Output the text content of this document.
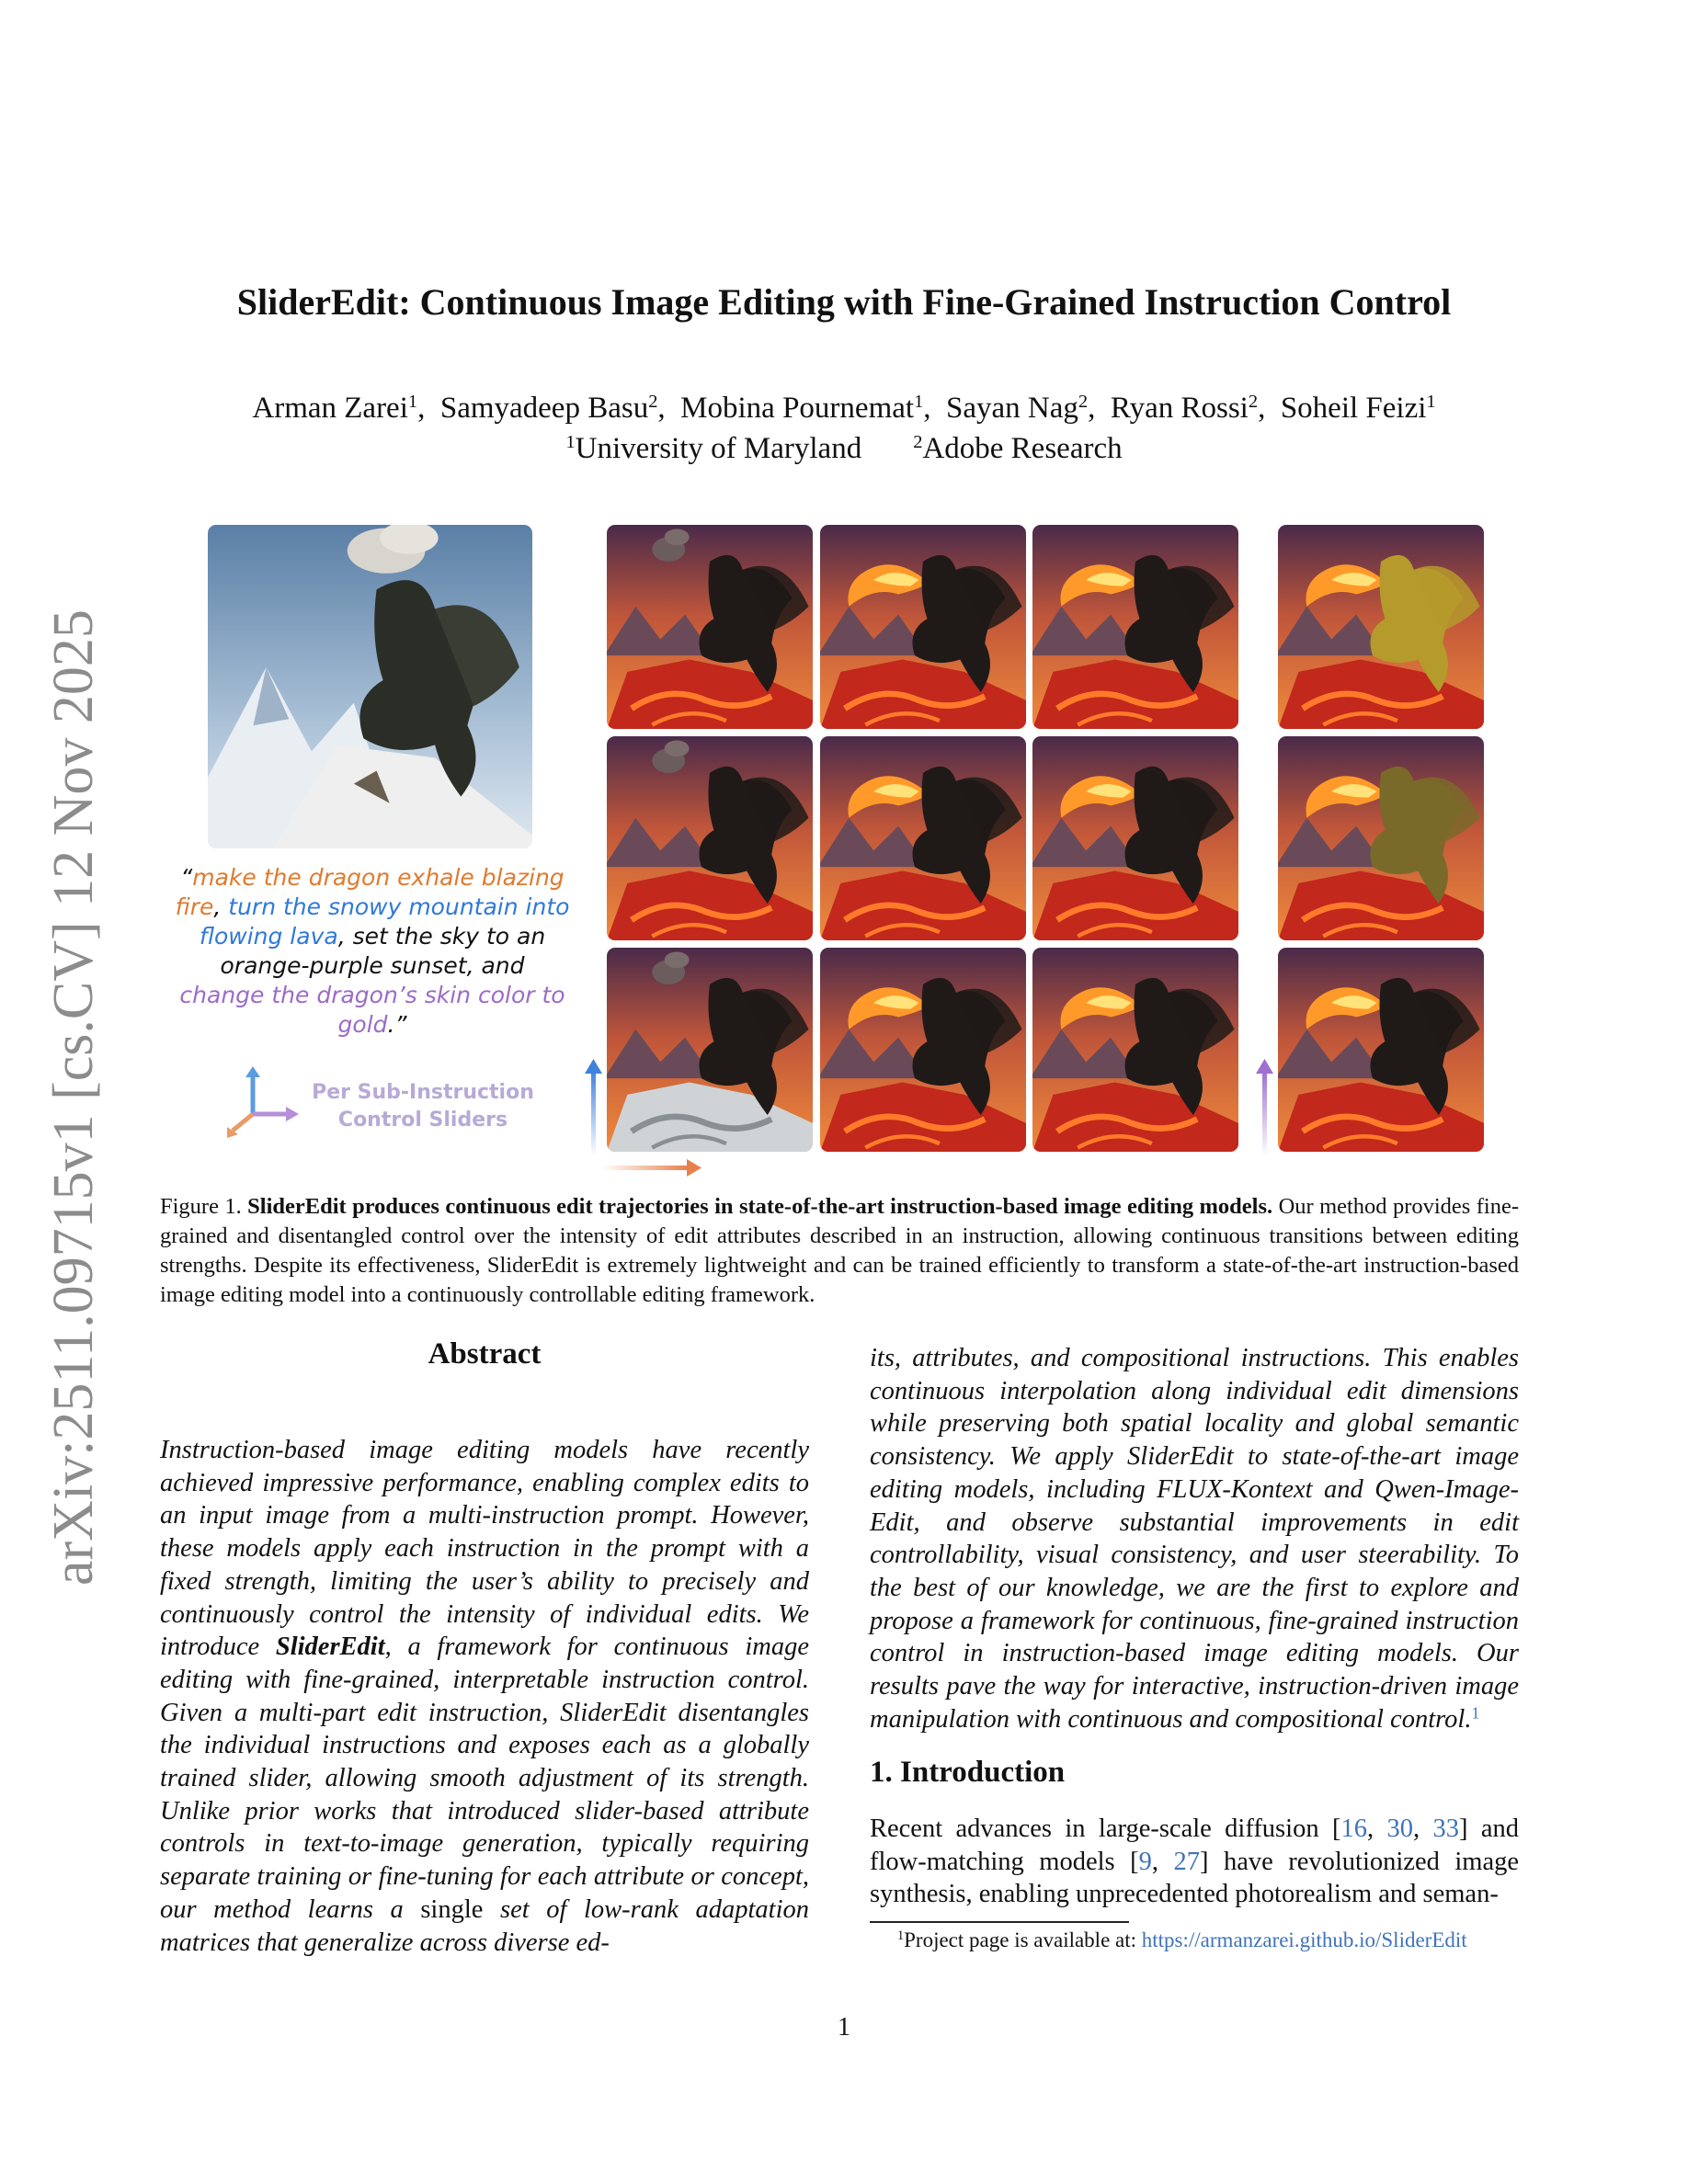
arXiv:2511.09715v1 [cs.CV] 12 Nov 2025
SliderEdit: Continuous Image Editing with Fine-Grained Instruction Control
Arman Zarei$^1$,  Samyadeep Basu$^2$,  Mobina Pournemat$^1$,  Sayan Nag$^2$,  Ryan Rossi$^2$,  Soheil Feizi$^1$
$^1$University of Maryland	$^2$Adobe Research
“make the dragon exhale blazing fire, turn the snowy mountain into flowing lava, set the sky to an orange-purple sunset, and change the dragon’s skin color to gold.”
Per Sub-Instruction
Control Sliders
Figure 1. SliderEdit produces continuous edit trajectories in state-of-the-art instruction-based image editing models. Our method provides fine-grained and disentangled control over the intensity of edit attributes described in an instruction, allowing continuous transitions between editing strengths. Despite its effectiveness, SliderEdit is extremely lightweight and can be trained efficiently to transform a state-of-the-art instruction-based image editing model into a continuously controllable editing framework.
Abstract

Instruction-based image editing models have recently achieved impressive performance, enabling complex edits to an input image from a multi-instruction prompt. However, these models apply each instruction in the prompt with a fixed strength, limiting the user’s ability to precisely and continuously control the intensity of individual edits. We introduce SliderEdit, a framework for continuous image editing with fine-grained, interpretable instruction control. Given a multi-part edit instruction, SliderEdit disentangles the individual instructions and exposes each as a globally trained slider, allowing smooth adjustment of its strength. Unlike prior works that introduced slider-based attribute controls in text-to-image generation, typically requiring separate training or fine-tuning for each attribute or concept, our method learns a single set of low-rank adaptation matrices that generalize across diverse ed-

its, attributes, and compositional instructions. This enables continuous interpolation along individual edit dimensions while preserving both spatial locality and global semantic consistency. We apply SliderEdit to state-of-the-art image editing models, including FLUX-Kontext and Qwen-Image-Edit, and observe substantial improvements in edit controllability, visual consistency, and user steerability. To the best of our knowledge, we are the first to explore and propose a framework for continuous, fine-grained instruction control in instruction-based image editing models. Our results pave the way for interactive, instruction-driven image manipulation with continuous and compositional control.$^1$

1. Introduction
Recent advances in large-scale diffusion [16, 30, 33] and flow-matching models [9, 27] have revolutionized image synthesis, enabling unprecedented photorealism and seman-
$^1$Project page is available at: https://armanzarei.github.io/SliderEdit
1
